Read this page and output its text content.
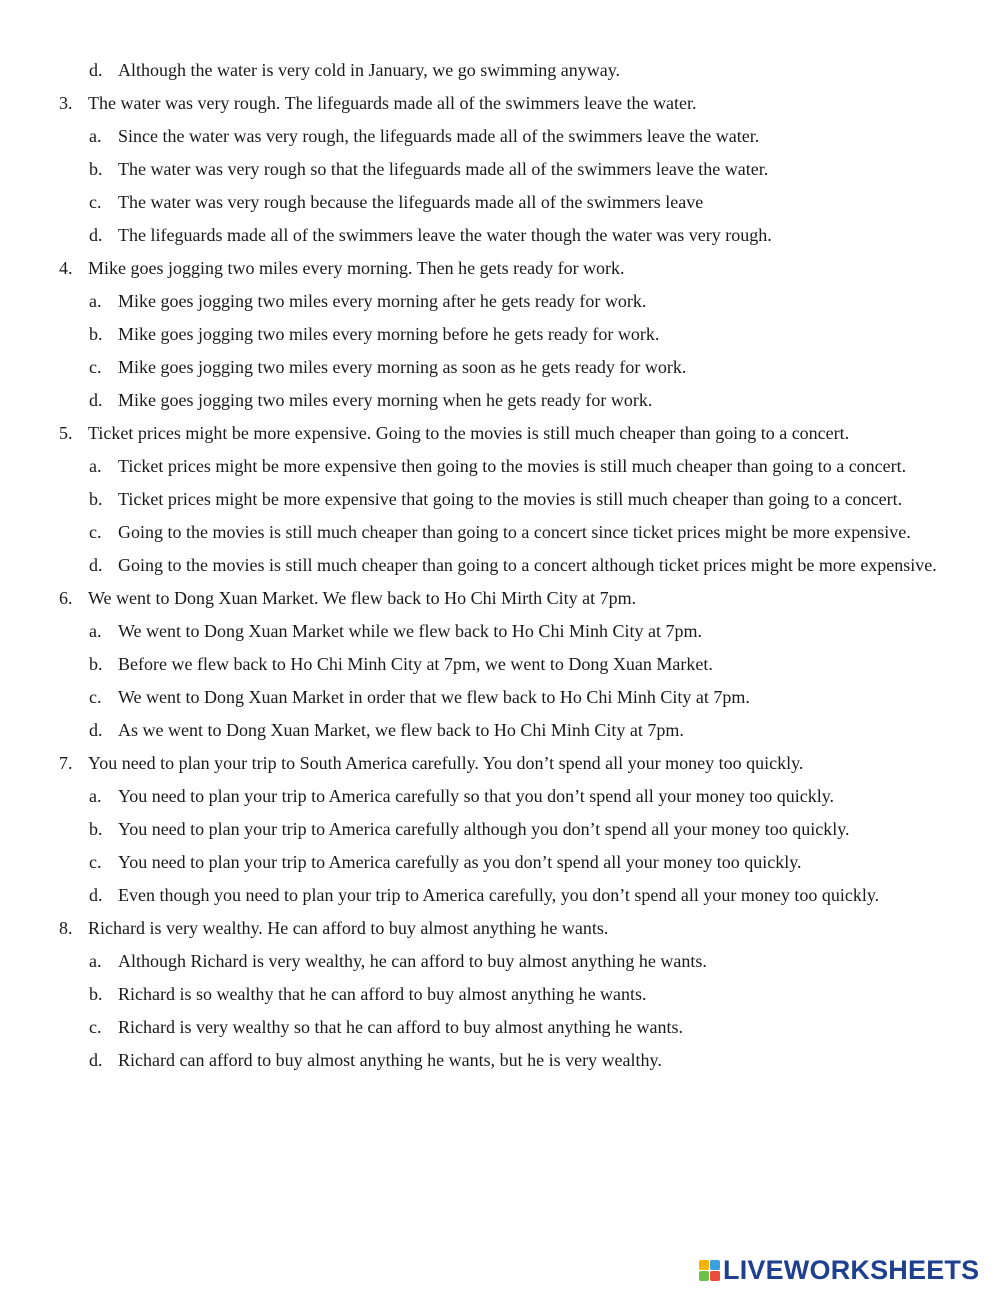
d. Although the water is very cold in January, we go swimming anyway.
3. The water was very rough. The lifeguards made all of the swimmers leave the water.
a. Since the water was very rough, the lifeguards made all of the swimmers leave the water.
b. The water was very rough so that the lifeguards made all of the swimmers leave the water.
c. The water was very rough because the lifeguards made all of the swimmers leave
d. The lifeguards made all of the swimmers leave the water though the water was very rough.
4. Mike goes jogging two miles every morning. Then he gets ready for work.
a. Mike goes jogging two miles every morning after he gets ready for work.
b. Mike goes jogging two miles every morning before he gets ready for work.
c. Mike goes jogging two miles every morning as soon as he gets ready for work.
d. Mike goes jogging two miles every morning when he gets ready for work.
5. Ticket prices might be more expensive. Going to the movies is still much cheaper than going to a concert.
a. Ticket prices might be more expensive then going to the movies is still much cheaper than going to a concert.
b. Ticket prices might be more expensive that going to the movies is still much cheaper than going to a concert.
c. Going to the movies is still much cheaper than going to a concert since ticket prices might be more expensive.
d. Going to the movies is still much cheaper than going to a concert although ticket prices might be more expensive.
6. We went to Dong Xuan Market. We flew back to Ho Chi Mirth City at 7pm.
a. We went to Dong Xuan Market while we flew back to Ho Chi Minh City at 7pm.
b. Before we flew back to Ho Chi Minh City at 7pm, we went to Dong Xuan Market.
c. We went to Dong Xuan Market in order that we flew back to Ho Chi Minh City at 7pm.
d. As we went to Dong Xuan Market, we flew back to Ho Chi Minh City at 7pm.
7. You need to plan your trip to South America carefully. You don’t spend all your money too quickly.
a. You need to plan your trip to America carefully so that you don’t spend all your money too quickly.
b. You need to plan your trip to America carefully although you don’t spend all your money too quickly.
c. You need to plan your trip to America carefully as you don’t spend all your money too quickly.
d. Even though you need to plan your trip to America carefully, you don’t spend all your money too quickly.
8. Richard is very wealthy. He can afford to buy almost anything he wants.
a. Although Richard is very wealthy, he can afford to buy almost anything he wants.
b. Richard is so wealthy that he can afford to buy almost anything he wants.
c. Richard is very wealthy so that he can afford to buy almost anything he wants.
d. Richard can afford to buy almost anything he wants, but he is very wealthy.
LIVEWORKSHEETS
